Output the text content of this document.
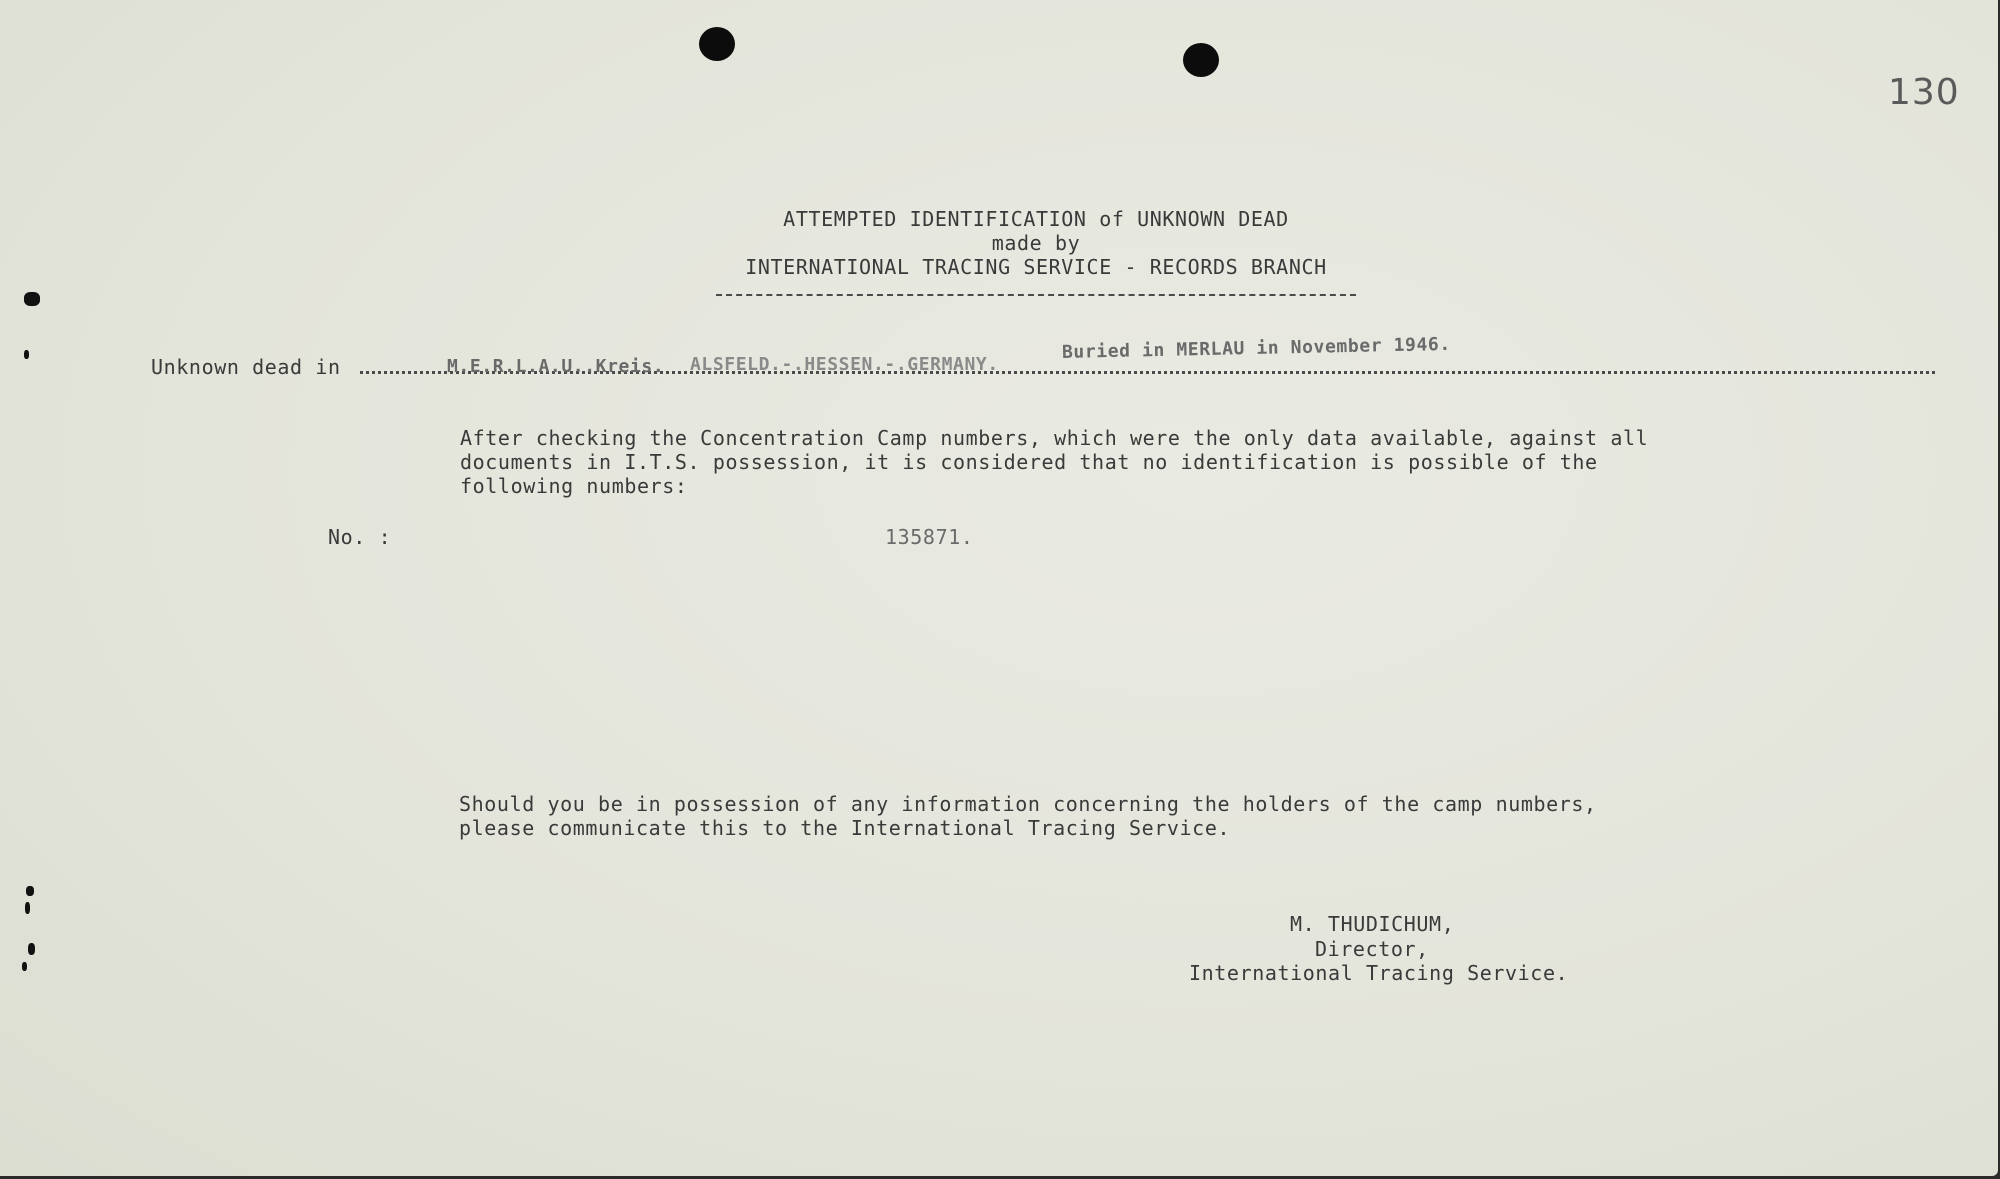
130
ATTEMPTED IDENTIFICATION of UNKNOWN DEAD
made by
INTERNATIONAL TRACING SERVICE - RECORDS BRANCH
Unknown dead in	M.E.R.L.A.U..Kreis. ALSFELD.-.HESSEN.-.GERMANY.
Buried in MERLAU in November 1946.
After checking the Concentration Camp numbers, which were the only data available, against all
documents in I.T.S. possession, it is considered that no identification is possible of the
following numbers:
No. :	135871.
Should you be in possession of any information concerning the holders of the camp numbers,
please communicate this to the International Tracing Service.
M. THUDICHUM,
Director,
International Tracing Service.
